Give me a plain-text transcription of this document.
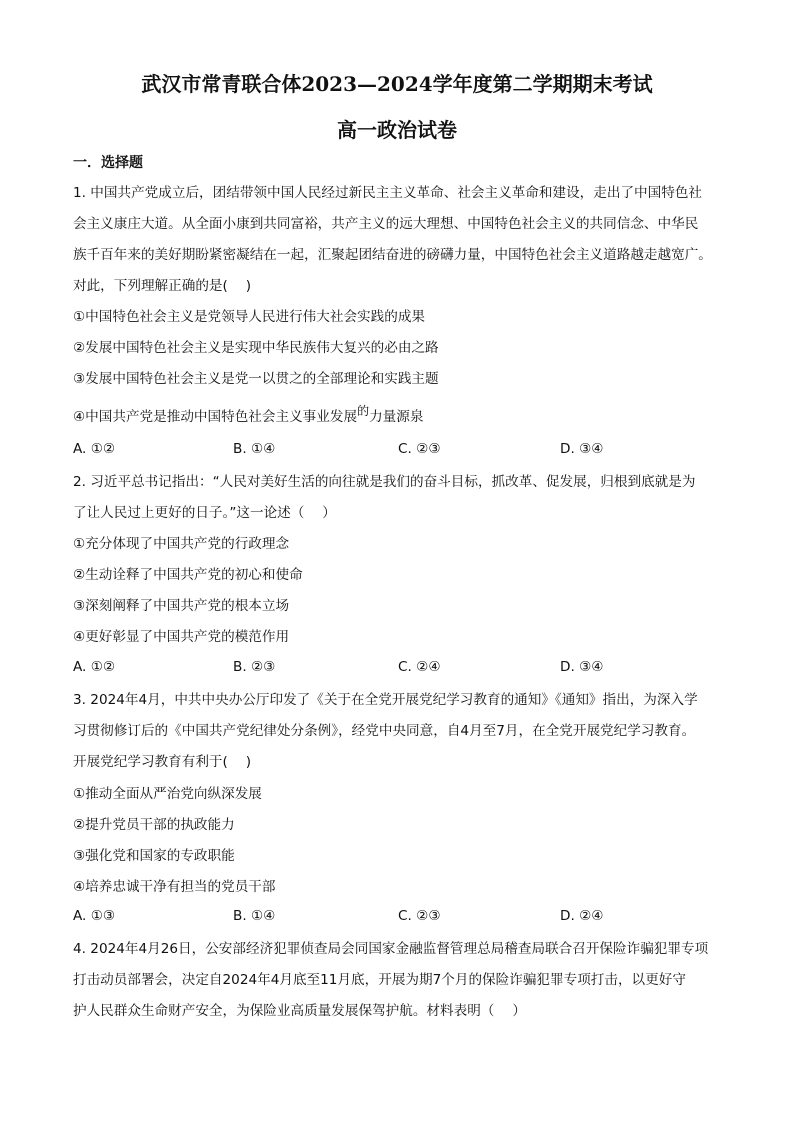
武汉市常青联合体2023—2024学年度第二学期期末考试
高一政治试卷
一．选择题
1. 中国共产党成立后，团结带领中国人民经过新民主主义革命、社会主义革命和建设，走出了中国特色社
会主义康庄大道。从全面小康到共同富裕，共产主义的远大理想、中国特色社会主义的共同信念、中华民
族千百年来的美好期盼紧密凝结在一起，汇聚起团结奋进的磅礴力量，中国特色社会主义道路越走越宽广。
对此，下列理解正确的是(　 )
①中国特色社会主义是党领导人民进行伟大社会实践的成果
②发展中国特色社会主义是实现中华民族伟大复兴的必由之路
③发展中国特色社会主义是党一以贯之的全部理论和实践主题
④中国共产党是推动中国特色社会主义事业发展的力量源泉
A. ①②	B. ①④	C. ②③	D. ③④
2. 习近平总书记指出：“人民对美好生活的向往就是我们的奋斗目标，抓改革、促发展，归根到底就是为
了让人民过上更好的日子。”这一论述（　 ）
①充分体现了中国共产党的行政理念
②生动诠释了中国共产党的初心和使命
③深刻阐释了中国共产党的根本立场
④更好彰显了中国共产党的模范作用
A. ①②	B. ②③	C. ②④	D. ③④
3. 2024年4月，中共中央办公厅印发了《关于在全党开展党纪学习教育的通知》《通知》指出，为深入学
习贯彻修订后的《中国共产党纪律处分条例》，经党中央同意，自4月至7月，在全党开展党纪学习教育。
开展党纪学习教育有利于(　 )
①推动全面从严治党向纵深发展
②提升党员干部的执政能力
③强化党和国家的专政职能
④培养忠诚干净有担当的党员干部
A. ①③	B. ①④	C. ②③	D. ②④
4. 2024年4月26日，公安部经济犯罪侦查局会同国家金融监督管理总局稽查局联合召开保险诈骗犯罪专项
打击动员部署会，决定自2024年4月底至11月底，开展为期7个月的保险诈骗犯罪专项打击，以更好守
护人民群众生命财产安全，为保险业高质量发展保驾护航。材料表明（　 ）
